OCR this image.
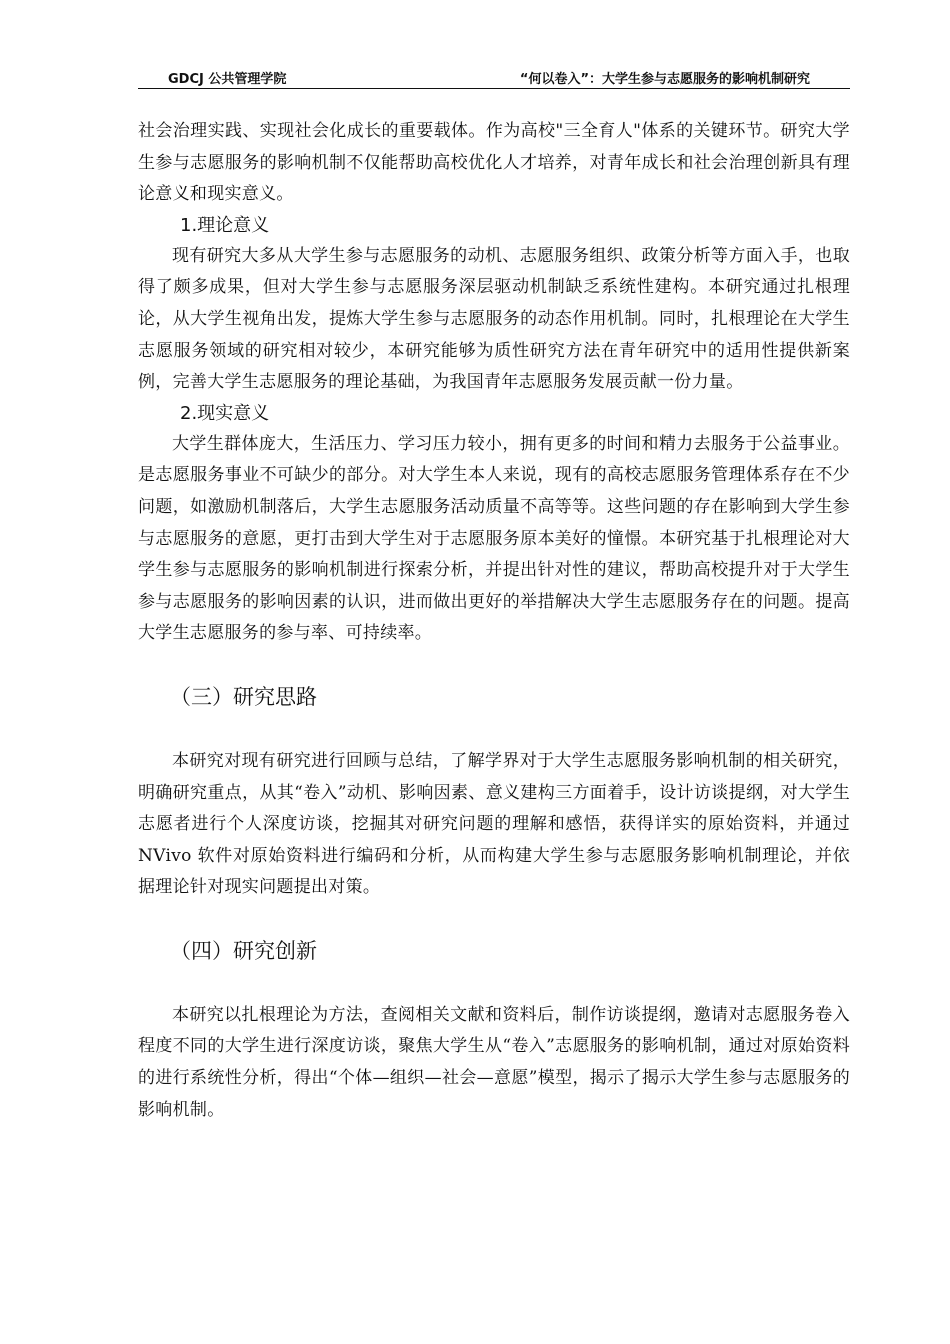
GDCJ 公共管理学院	“何以卷入”：大学生参与志愿服务的影响机制研究

社会治理实践、实现社会化成长的重要载体。作为高校"三全育人"体系的关键环节。研究大学生参与志愿服务的影响机制不仅能帮助高校优化人才培养，对青年成长和社会治理创新具有理论意义和现实意义。

1.理论意义

现有研究大多从大学生参与志愿服务的动机、志愿服务组织、政策分析等方面入手，也取得了颇多成果，但对大学生参与志愿服务深层驱动机制缺乏系统性建构。本研究通过扎根理论，从大学生视角出发，提炼大学生参与志愿服务的动态作用机制。同时，扎根理论在大学生志愿服务领域的研究相对较少，本研究能够为质性研究方法在青年研究中的适用性提供新案例，完善大学生志愿服务的理论基础，为我国青年志愿服务发展贡献一份力量。

2.现实意义

大学生群体庞大，生活压力、学习压力较小，拥有更多的时间和精力去服务于公益事业。是志愿服务事业不可缺少的部分。对大学生本人来说，现有的高校志愿服务管理体系存在不少问题，如激励机制落后，大学生志愿服务活动质量不高等等。这些问题的存在影响到大学生参与志愿服务的意愿，更打击到大学生对于志愿服务原本美好的憧憬。本研究基于扎根理论对大学生参与志愿服务的影响机制进行探索分析，并提出针对性的建议，帮助高校提升对于大学生参与志愿服务的影响因素的认识，进而做出更好的举措解决大学生志愿服务存在的问题。提高大学生志愿服务的参与率、可持续率。

（三）研究思路

本研究对现有研究进行回顾与总结，了解学界对于大学生志愿服务影响机制的相关研究，明确研究重点，从其“卷入”动机、影响因素、意义建构三方面着手，设计访谈提纲，对大学生志愿者进行个人深度访谈，挖掘其对研究问题的理解和感悟，获得详实的原始资料，并通过 NVivo 软件对原始资料进行编码和分析，从而构建大学生参与志愿服务影响机制理论，并依据理论针对现实问题提出对策。

（四）研究创新

本研究以扎根理论为方法，查阅相关文献和资料后，制作访谈提纲，邀请对志愿服务卷入程度不同的大学生进行深度访谈，聚焦大学生从“卷入”志愿服务的影响机制，通过对原始资料的进行系统性分析，得出“个体—组织—社会—意愿”模型，揭示了揭示大学生参与志愿服务的影响机制。
